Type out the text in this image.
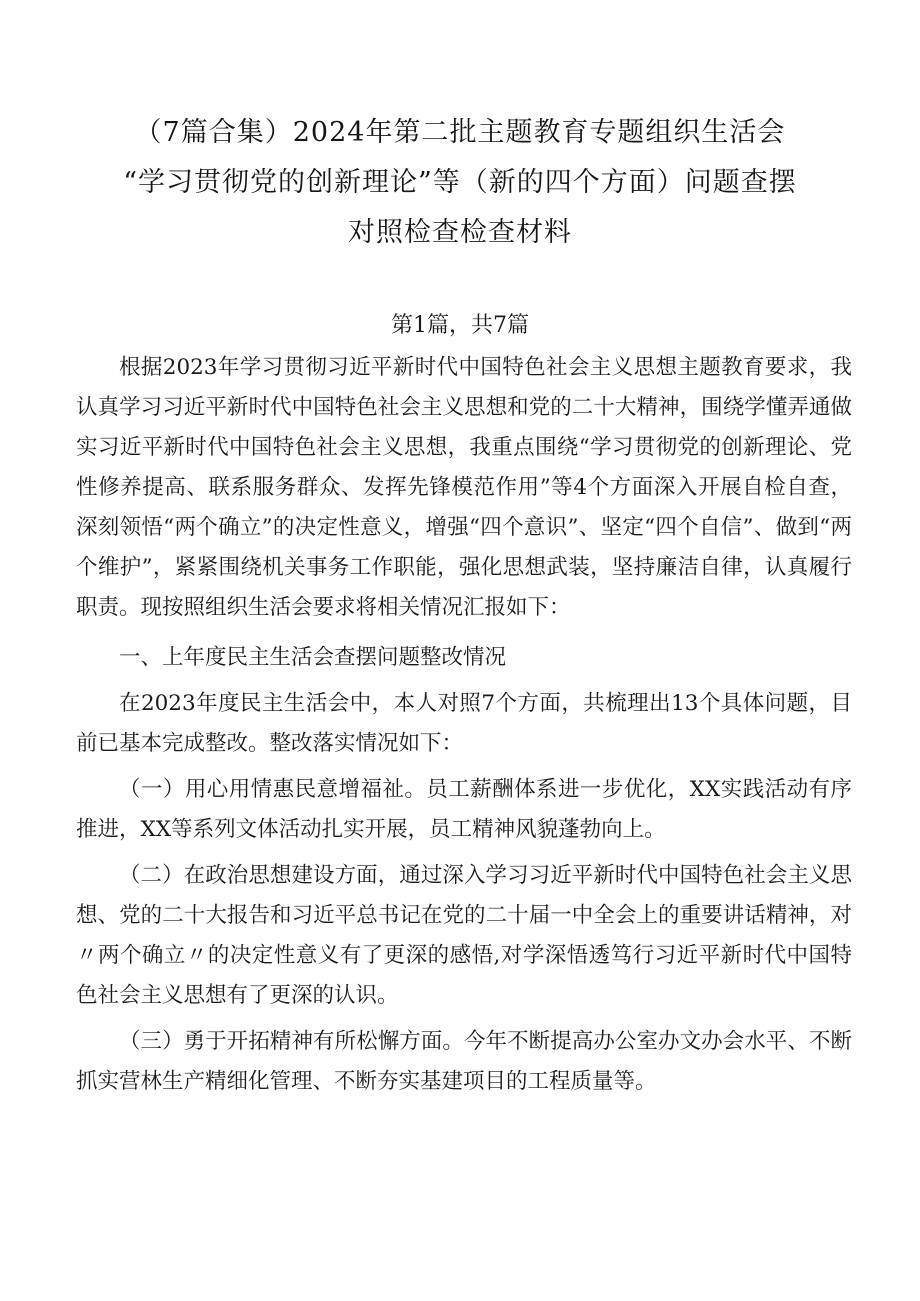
（7篇合集）2024年第二批主题教育专题组织生活会
“学习贯彻党的创新理论”等（新的四个方面）问题查摆
对照检查检查材料
第1篇，共7篇

根据2023年学习贯彻习近平新时代中国特色社会主义思想主题教育要求，我认真学习习近平新时代中国特色社会主义思想和党的二十大精神，围绕学懂弄通做实习近平新时代中国特色社会主义思想，我重点围绕“学习贯彻党的创新理论、党性修养提高、联系服务群众、发挥先锋模范作用”等4个方面深入开展自检自查，深刻领悟“两个确立”的决定性意义，增强“四个意识”、坚定“四个自信”、做到“两个维护”，紧紧围绕机关事务工作职能，强化思想武装，坚持廉洁自律，认真履行职责。现按照组织生活会要求将相关情况汇报如下：

一、上年度民主生活会查摆问题整改情况

在2023年度民主生活会中，本人对照7个方面，共梳理出13个具体问题，目前已基本完成整改。整改落实情况如下：

（一）用心用情惠民意增福祉。员工薪酬体系进一步优化，XX实践活动有序推进，XX等系列文体活动扎实开展，员工精神风貌蓬勃向上。

（二）在政治思想建设方面，通过深入学习习近平新时代中国特色社会主义思想、党的二十大报告和习近平总书记在党的二十届一中全会上的重要讲话精神，对〃两个确立〃的决定性意义有了更深的感悟,对学深悟透笃行习近平新时代中国特色社会主义思想有了更深的认识。

（三）勇于开拓精神有所松懈方面。今年不断提高办公室办文办会水平、不断抓实营林生产精细化管理、不断夯实基建项目的工程质量等。
